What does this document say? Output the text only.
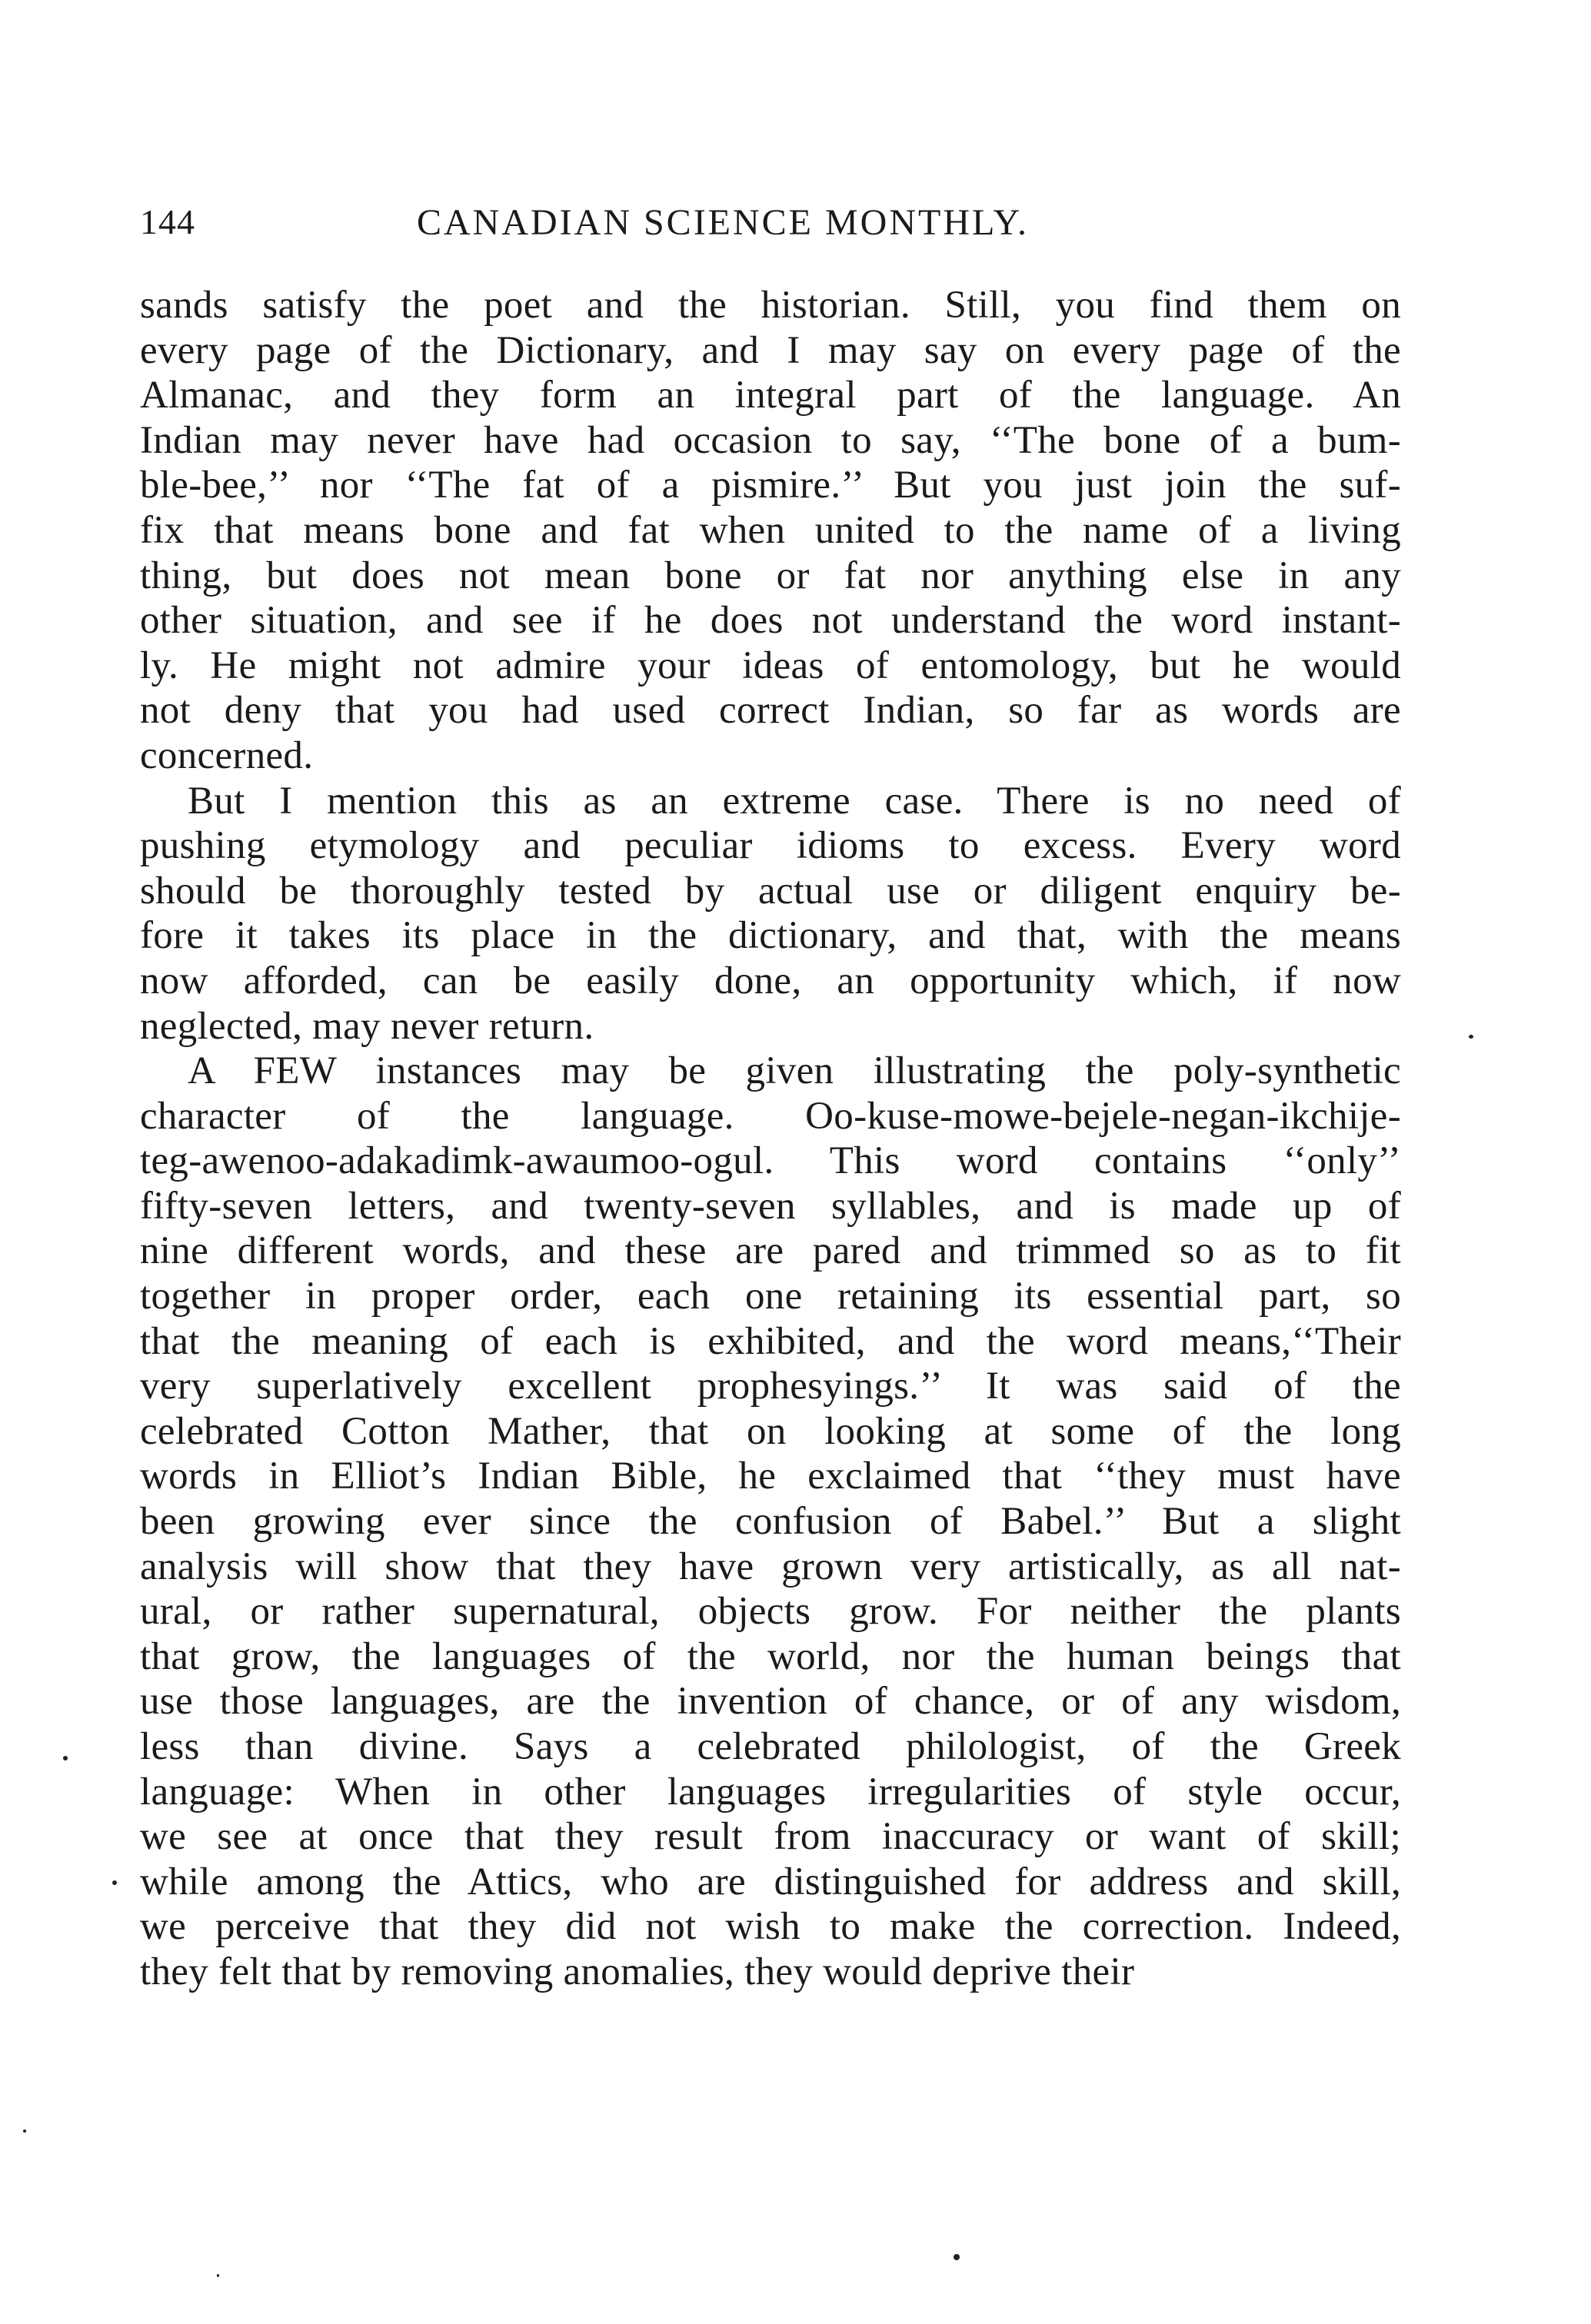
144	CANADIAN SCIENCE MONTHLY.
sands satisfy the poet and the historian. Still, you find them on
every page of the Dictionary, and I may say on every page of the
Almanac, and they form an integral part of the language. An
Indian may never have had occasion to say, ‘‘The bone of a bum-
ble-bee,’’ nor ‘‘The fat of a pismire.’’ But you just join the suf-
fix that means bone and fat when united to the name of a living
thing, but does not mean bone or fat nor anything else in any
other situation, and see if he does not understand the word instant-
ly. He might not admire your ideas of entomology, but he would
not deny that you had used correct Indian, so far as words are
concerned.
But I mention this as an extreme case. There is no need of
pushing etymology and peculiar idioms to excess. Every word
should be thoroughly tested by actual use or diligent enquiry be-
fore it takes its place in the dictionary, and that, with the means
now afforded, can be easily done, an opportunity which, if now
neglected, may never return.
A FEW instances may be given illustrating the poly-synthetic
character of the language. Oo-kuse-mowe-bejele-negan-ikchije-
teg-awenoo-adakadimk-awaumoo-ogul. This word contains ‘‘only’’
fifty-seven letters, and twenty-seven syllables, and is made up of
nine different words, and these are pared and trimmed so as to fit
together in proper order, each one retaining its essential part, so
that the meaning of each is exhibited, and the word means,‘‘Their
very superlatively excellent prophesyings.’’ It was said of the
celebrated Cotton Mather, that on looking at some of the long
words in Elliot’s Indian Bible, he exclaimed that ‘‘they must have
been growing ever since the confusion of Babel.’’ But a slight
analysis will show that they have grown very artistically, as all nat-
ural, or rather supernatural, objects grow. For neither the plants
that grow, the languages of the world, nor the human beings that
use those languages, are the invention of chance, or of any wisdom,
less than divine. Says a celebrated philologist, of the Greek
language: When in other languages irregularities of style occur,
we see at once that they result from inaccuracy or want of skill;
while among the Attics, who are distinguished for address and skill,
we perceive that they did not wish to make the correction. Indeed,
they felt that by removing anomalies, they would deprive their
